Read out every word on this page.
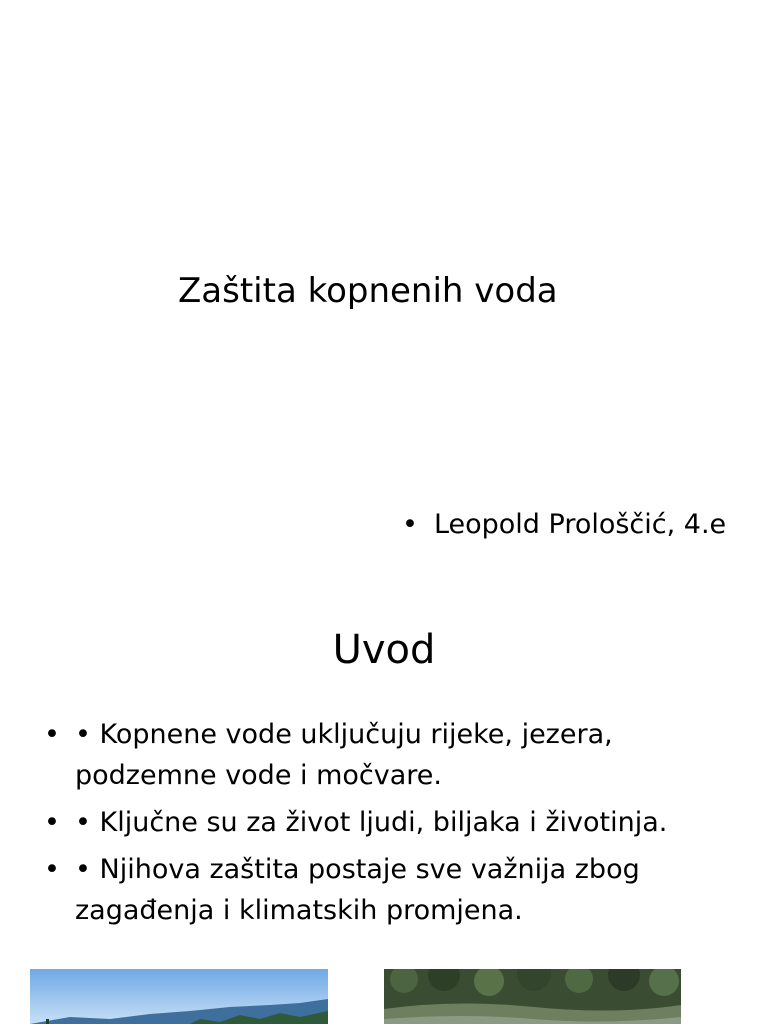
Zaštita kopnenih voda
• Leopold Prološčić, 4.e
Uvod
• • Kopnene vode uključuju rijeke, jezera, podzemne vode i močvare.
• • Ključne su za život ljudi, biljaka i životinja.
• • Njihova zaštita postaje sve važnija zbog zagađenja i klimatskih promjena.
